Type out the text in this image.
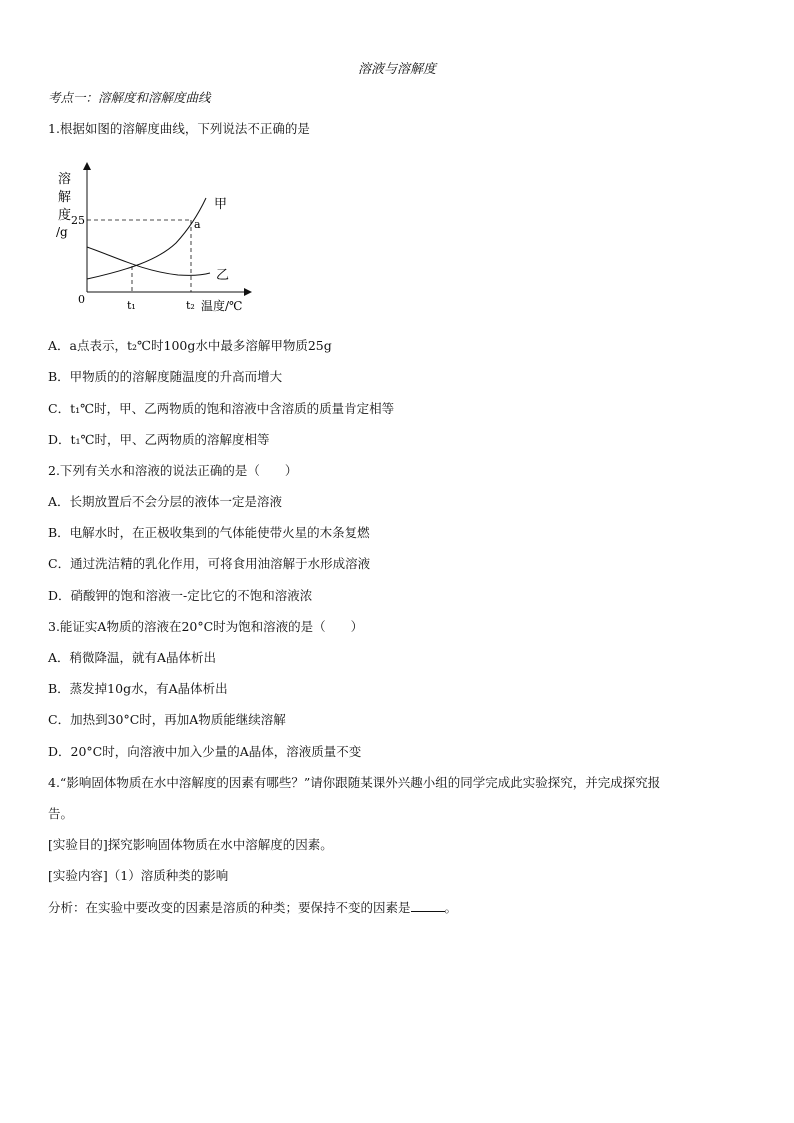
溶液与溶解度
考点一：溶解度和溶解度曲线
1.根据如图的溶解度曲线，下列说法不正确的是
溶
解
度
/g
25
0	t₁	t₂ 温度/℃
甲
乙
a
A．a点表示，t₂℃时100g水中最多溶解甲物质25g
B．甲物质的的溶解度随温度的升高而增大
C．t₁℃时，甲、乙两物质的饱和溶液中含溶质的质量肯定相等
D．t₁℃时，甲、乙两物质的溶解度相等
2.下列有关水和溶液的说法正确的是（　　）
A．长期放置后不会分层的液体一定是溶液
B．电解水时，在正极收集到的气体能使带火星的木条复燃
C．通过洗洁精的乳化作用，可将食用油溶解于水形成溶液
D．硝酸钾的饱和溶液一-定比它的不饱和溶液浓
3.能证实A物质的溶液在20°C时为饱和溶液的是（　　）
A．稍微降温，就有A晶体析出
B．蒸发掉10g水，有A晶体析出
C．加热到30°C时，再加A物质能继续溶解
D．20°C时，向溶液中加入少量的A晶体，溶液质量不变
4.“影响固体物质在水中溶解度的因素有哪些？”请你跟随某课外兴趣小组的同学完成此实验探究，并完成探究报
告。
[实验目的]探究影响固体物质在水中溶解度的因素。
[实验内容]（1）溶质种类的影响
分析：在实验中要改变的因素是溶质的种类；要保持不变的因素是	。
